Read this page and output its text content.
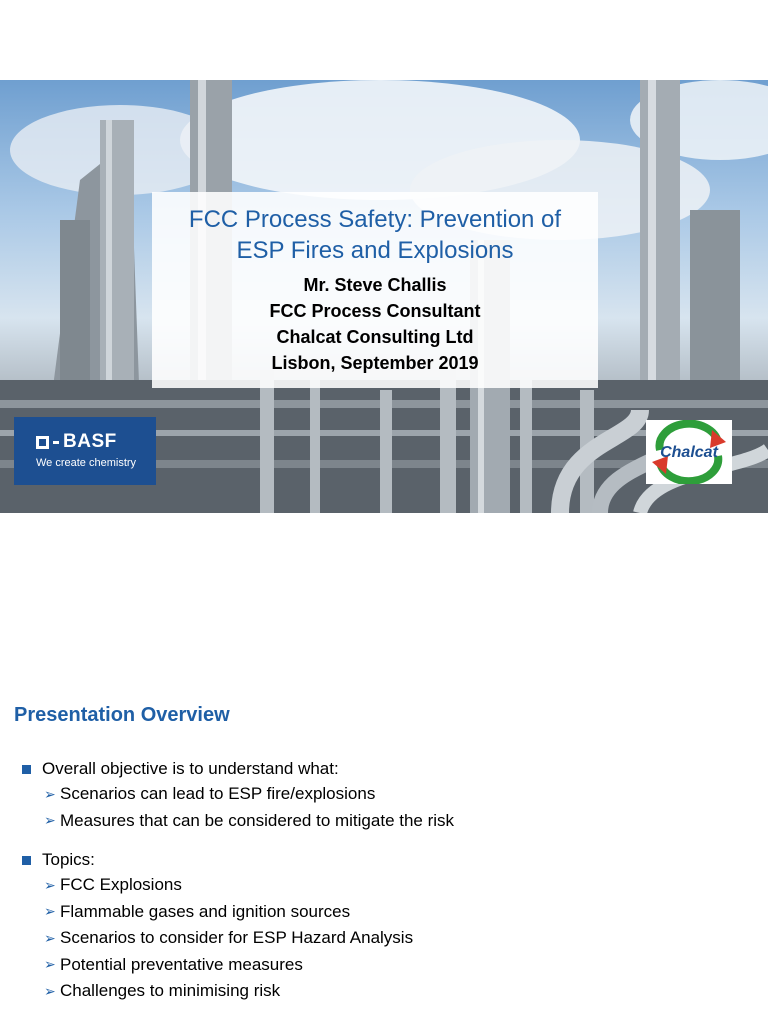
FCC Process Safety: Prevention of
ESP Fires and Explosions
Mr. Steve Challis
FCC Process Consultant
Chalcat Consulting Ltd
Lisbon, September 2019
BASF
We create chemistry
Chalcat
Presentation Overview
Overall objective is to understand what:
➢ Scenarios can lead to ESP fire/explosions
➢ Measures that can be considered to mitigate the risk
Topics:
➢ FCC Explosions
➢ Flammable gases and ignition sources
➢ Scenarios to consider for ESP Hazard Analysis
➢ Potential preventative measures
➢ Challenges to minimising risk
